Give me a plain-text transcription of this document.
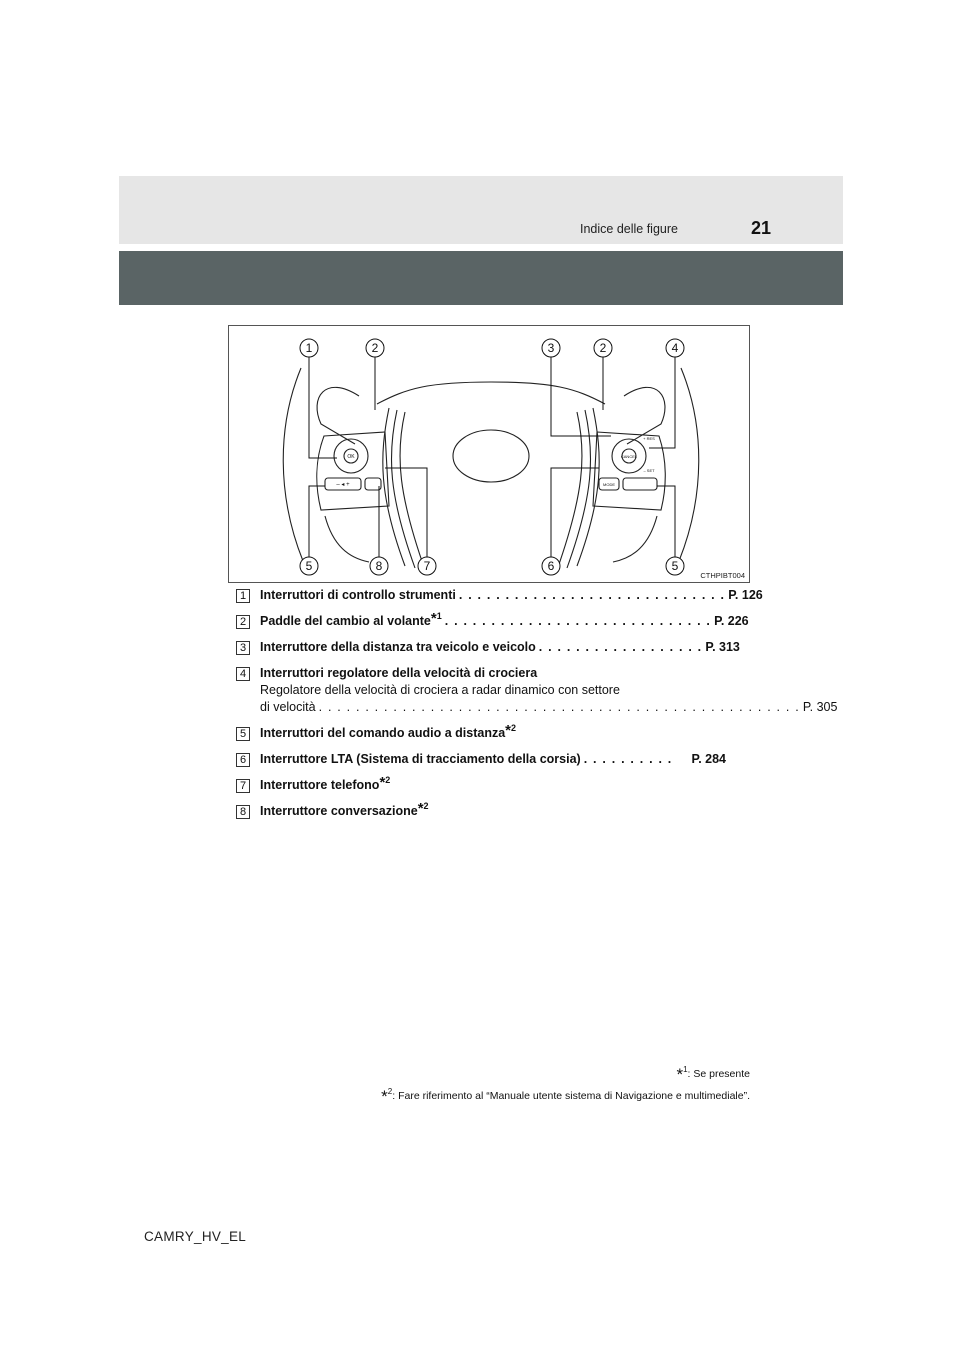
Indice delle figure	21
1	2	3	2	4
5	8	7	6	5
OK	CANCEL
+ RES
– SET
MODE
– ◂ +
CTHPIBT004
1	Interruttori di controllo strumenti . . . . . . . . . . . . . . . . . . . . . . . . . . . . . P. 126
2	Paddle del cambio al volante$^{*^1}$ . . . . . . . . . . . . . . . . . . . . . . . . . . . . . P. 226
3	Interruttore della distanza tra veicolo e veicolo . . . . . . . . . . . . . . . . . . P. 313
4	Interruttori regolatore della velocità di crociera
Regolatore della velocità di crociera a radar dinamico con settore
di velocità . . . . . . . . . . . . . . . . . . . . . . . . . . . . . . . . . . . . . . . . . . . . . . . . . . . . P. 305
5	Interruttori del comando audio a distanza$^{*^2}$
6	Interruttore LTA (Sistema di tracciamento della corsia) . . . . . . . . . .	P. 284
7	Interruttore telefono$^{*^2}$
8	Interruttore conversazione$^{*^2}$
*$^1$: Se presente
*$^2$: Fare riferimento al “Manuale utente sistema di Navigazione e multimediale”.
CAMRY_HV_EL
